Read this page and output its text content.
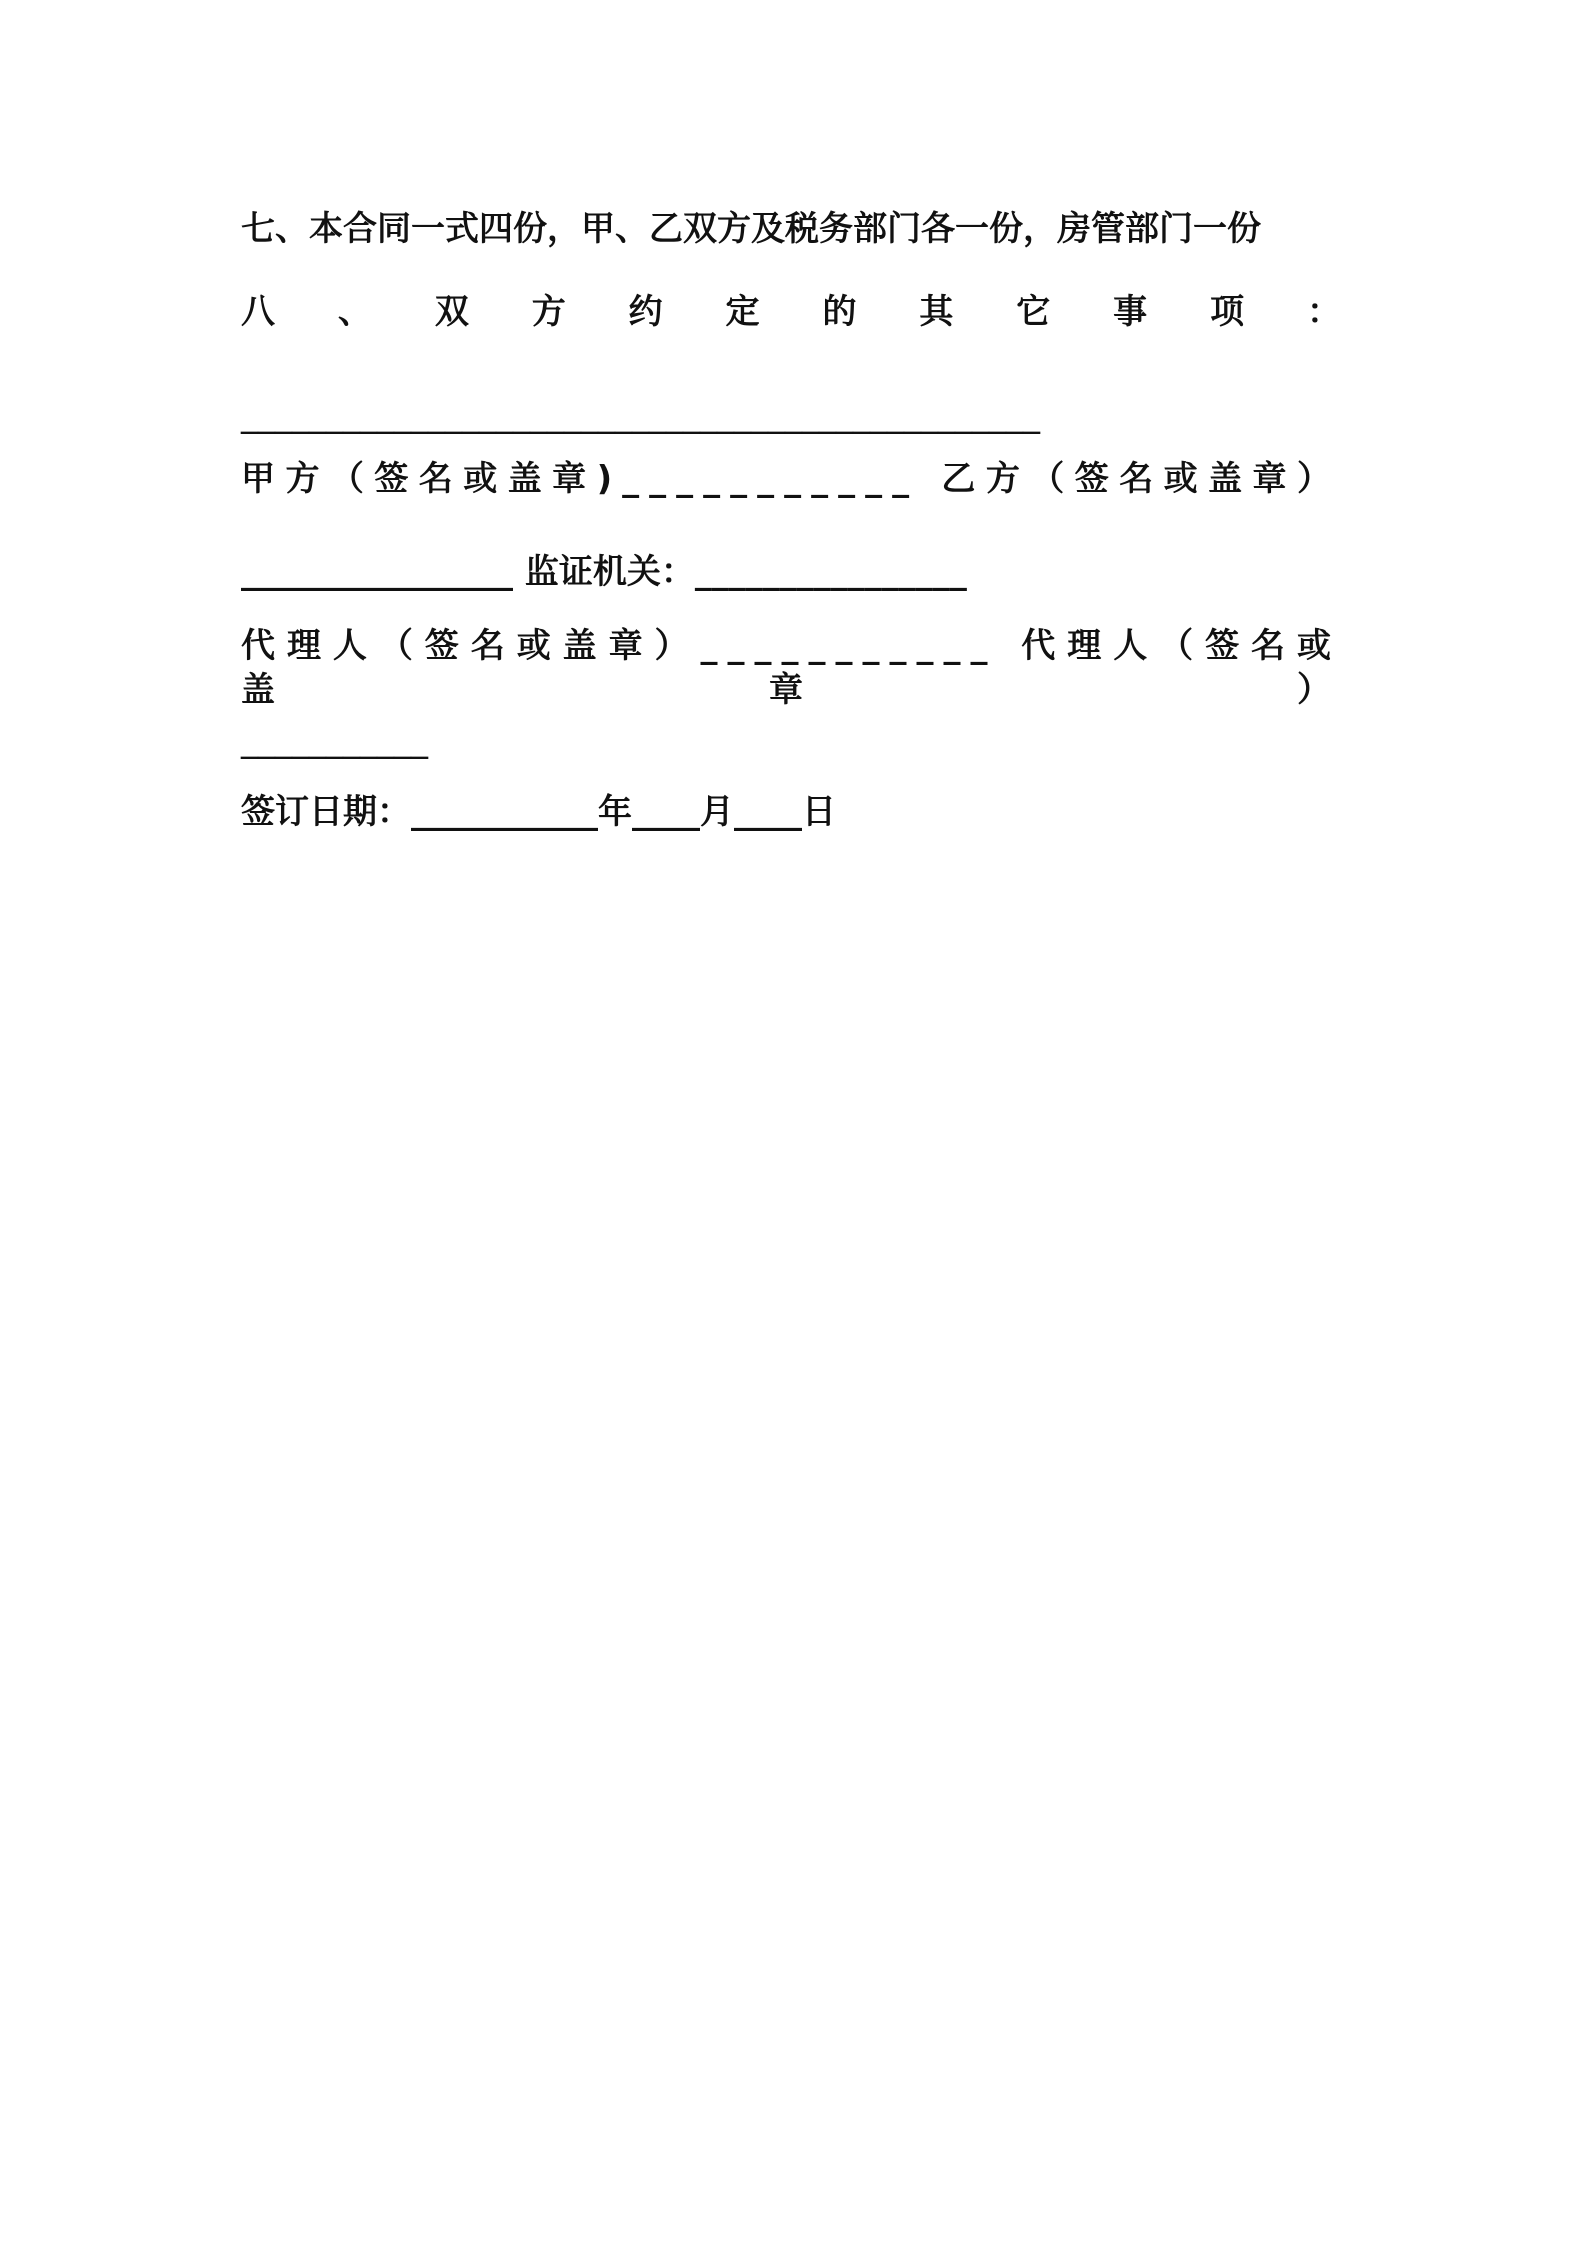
七、本合同一式四份，甲、乙双方及税务部门各一份，房管部门一份
八 、 双 方 约 定 的 其 它 事 项 ：
_______________________________________________
甲方（签名或盖章)___________ 乙方（签名或盖章）
________________ 监证机关：________________
代理人（签名或盖章）___________ 代理人（签名或盖章）
___________
签订日期：___________年____月____日
